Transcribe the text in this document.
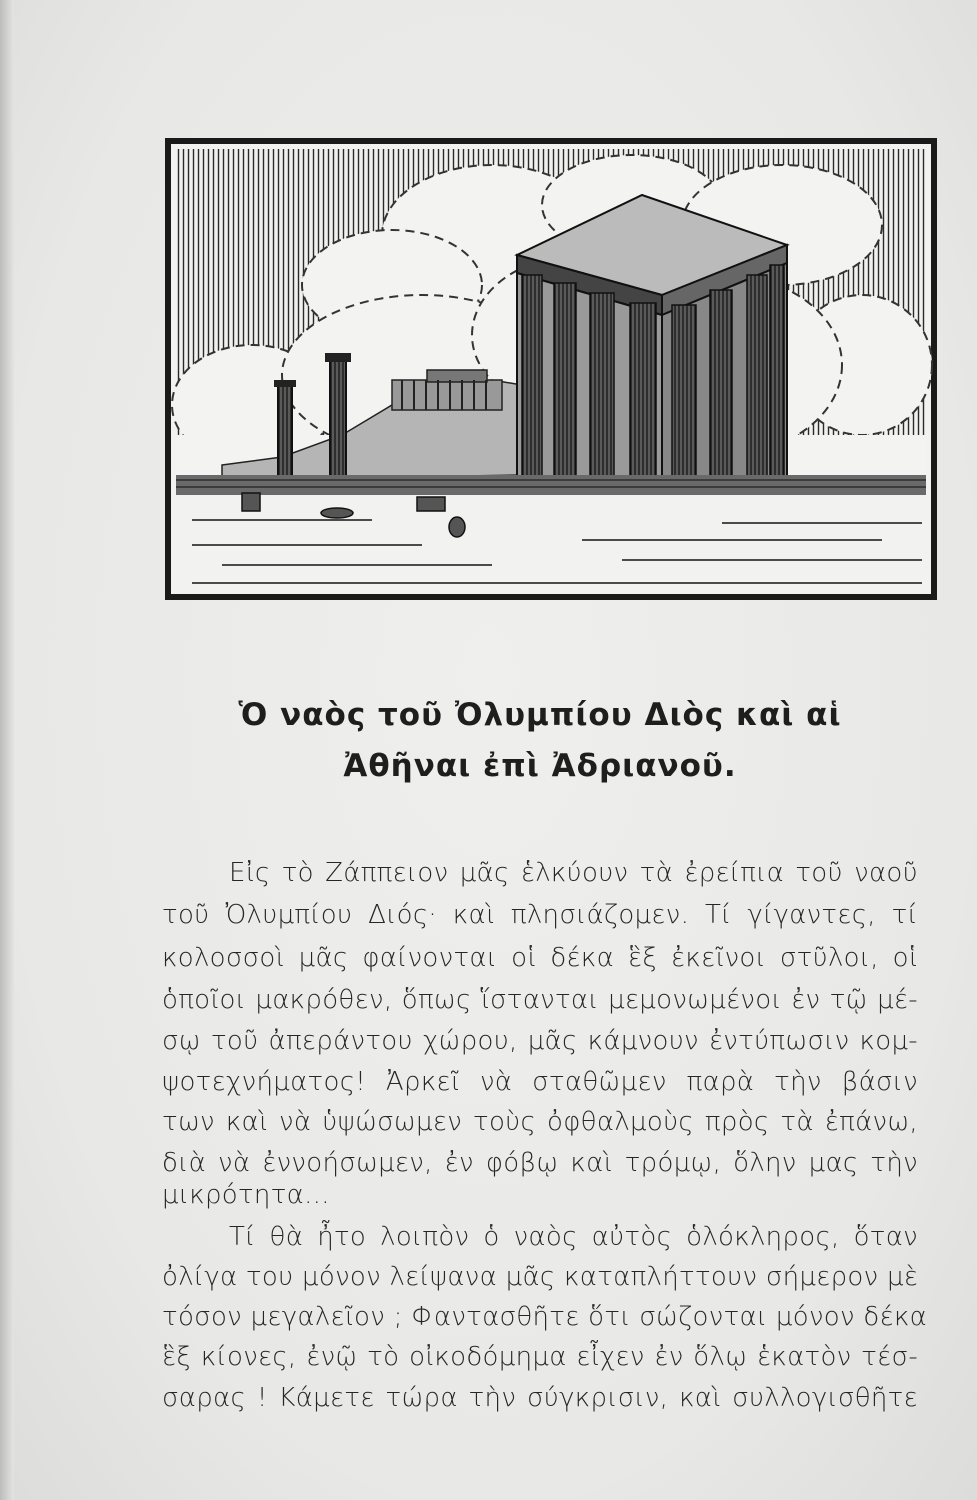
Ὁ ναὸς τοῦ Ὀλυμπίου Διὸς καὶ αἱ
Ἀθῆναι ἐπὶ Ἀδριανοῦ.
Εἰς τὸ Ζάππειον μᾶς ἑλκύουν τὰ ἐρείπια τοῦ ναοῦ
τοῦ Ὀλυμπίου Διός· καὶ πλησιάζομεν. Τί γίγαντες, τί
κολοσσοὶ μᾶς φαίνονται οἱ δέκα ἓξ ἐκεῖνοι στῦλοι, οἱ
ὁποῖοι μακρόθεν, ὅπως ἵστανται μεμονωμένοι ἐν τῷ μέ-
σῳ τοῦ ἀπεράντου χώρου, μᾶς κάμνουν ἐντύπωσιν κομ-
ψοτεχνήματος! Ἀρκεῖ νὰ σταθῶμεν παρὰ τὴν βάσιν
των καὶ νὰ ὑψώσωμεν τοὺς ὀφθαλμοὺς πρὸς τὰ ἐπάνω,
διὰ νὰ ἐννοήσωμεν, ἐν φόβῳ καὶ τρόμῳ, ὅλην μας τὴν
μικρότητα...
Τί θὰ ἦτο λοιπὸν ὁ ναὸς αὐτὸς ὁλόκληρος, ὅταν
ὀλίγα του μόνον λείψανα μᾶς καταπλήττουν σήμερον μὲ
τόσον μεγαλεῖον ; Φαντασθῆτε ὅτι σώζονται μόνον δέκα
ἓξ κίονες, ἐνῷ τὸ οἰκοδόμημα εἶχεν ἐν ὅλῳ ἑκατὸν τέσ-
σαρας ! Κάμετε τώρα τὴν σύγκρισιν, καὶ συλλογισθῆτε
